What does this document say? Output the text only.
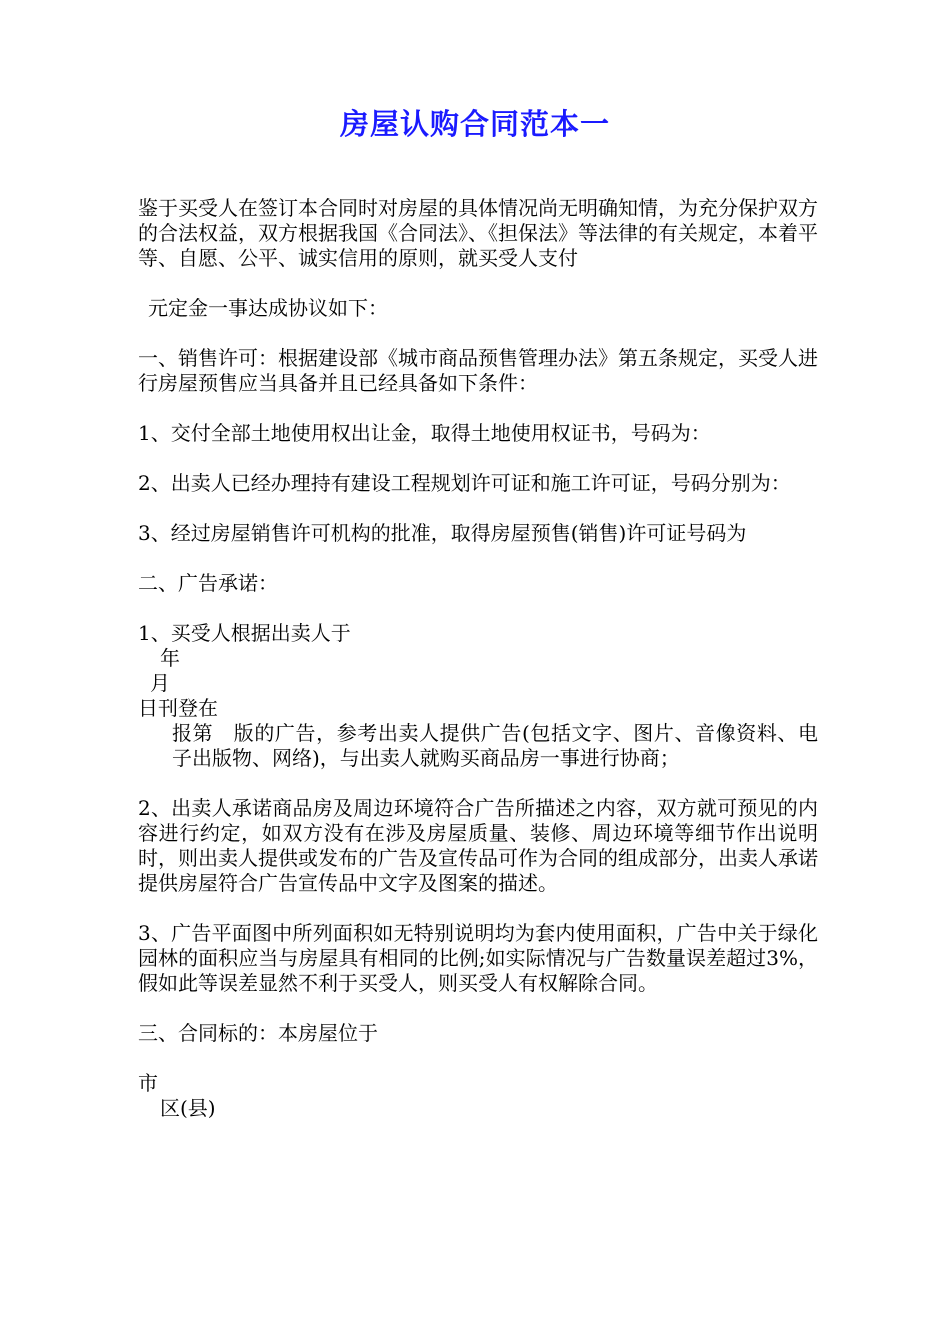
房屋认购合同范本一

鉴于买受人在签订本合同时对房屋的具体情况尚无明确知情，为充分保护双方的合法权益，双方根据我国《合同法》、《担保法》等法律的有关规定，本着平等、自愿、公平、诚实信用的原则，就买受人支付

元定金一事达成协议如下：

一、销售许可：根据建设部《城市商品预售管理办法》第五条规定，买受人进行房屋预售应当具备并且已经具备如下条件：

1、交付全部土地使用权出让金，取得土地使用权证书，号码为：

2、出卖人已经办理持有建设工程规划许可证和施工许可证，号码分别为：

3、经过房屋销售许可机构的批准，取得房屋预售(销售)许可证号码为

二、广告承诺：

1、买受人根据出卖人于
年
月
日刊登在
报第　版的广告，参考出卖人提供广告(包括文字、图片、音像资料、电子出版物、网络)，与出卖人就购买商品房一事进行协商；

2、出卖人承诺商品房及周边环境符合广告所描述之内容，双方就可预见的内容进行约定，如双方没有在涉及房屋质量、装修、周边环境等细节作出说明时，则出卖人提供或发布的广告及宣传品可作为合同的组成部分，出卖人承诺提供房屋符合广告宣传品中文字及图案的描述。

3、广告平面图中所列面积如无特别说明均为套内使用面积，广告中关于绿化园林的面积应当与房屋具有相同的比例;如实际情况与广告数量误差超过3%，假如此等误差显然不利于买受人，则买受人有权解除合同。

三、合同标的：本房屋位于

市
区(县)
